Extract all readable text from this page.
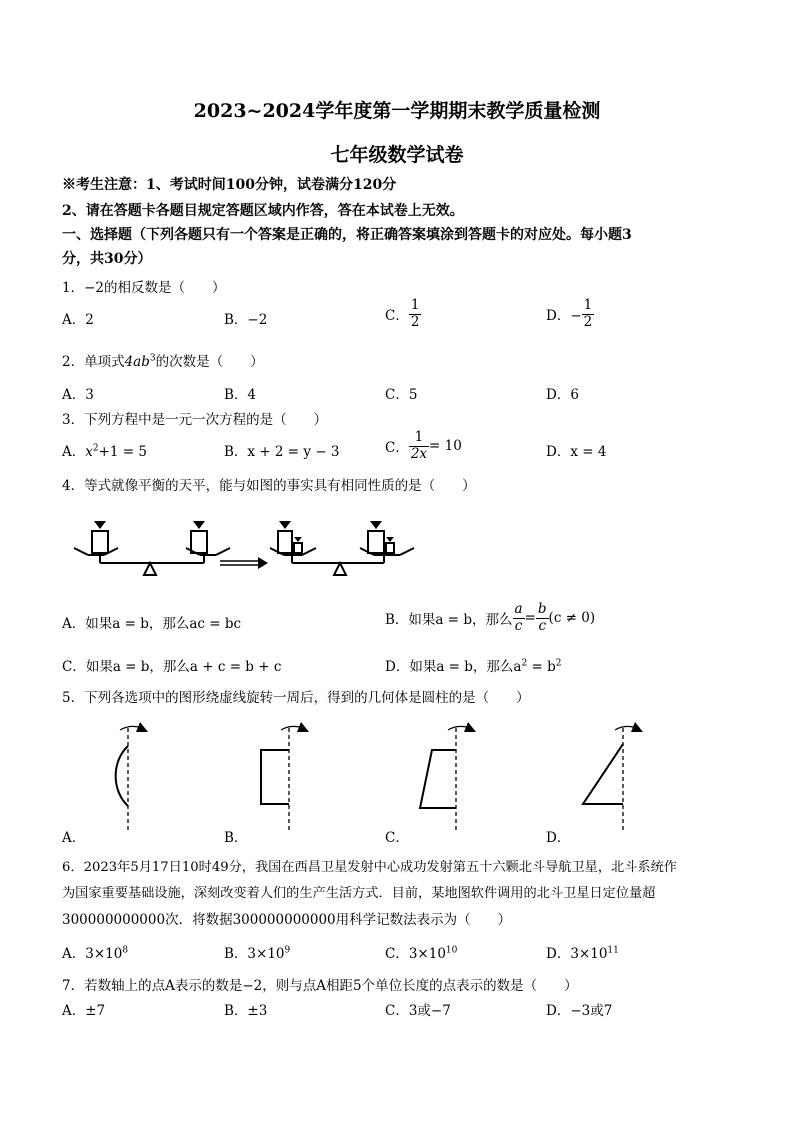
2023~2024学年度第一学期期末教学质量检测
七年级数学试卷
※考生注意：1、考试时间100分钟，试卷满分120分
2、请在答题卡各题目规定答题区域内作答，答在本试卷上无效。
一、选择题（下列各题只有一个答案是正确的，将正确答案填涂到答题卡的对应处。每小题3
分，共30分）
1．−2的相反数是（　　）
A．2	B．−2	C． $\frac{1}{2}$	D．− $\frac{1}{2}$
2．单项式$4ab^3$的次数是（　　）
A．3	B．4	C．5	D．6
3．下列方程中是一元一次方程的是（　　）
A．$x^2+1 = 5$	B．x + 2 = y − 3	C． $\frac{1}{2x} = 10$	D．x = 4
4．等式就像平衡的天平，能与如图的事实具有相同性质的是（　　）
A．如果a = b，那么ac = bc	B．如果a = b，那么 $\frac{a}{c} = \frac{b}{c} (c \ne 0)$
C．如果a = b，那么a + c = b + c	D．如果a = b，那么$a^2 = b^2$
5．下列各选项中的图形绕虚线旋转一周后，得到的几何体是圆柱的是（　　）
A．	B．	C．	D．
6．2023年5月17日10时49分，我国在西昌卫星发射中心成功发射第五十六颗北斗导航卫星，北斗系统作
为国家重要基础设施，深刻改变着人们的生产生活方式．目前，某地图软件调用的北斗卫星日定位量超
300000000000次．将数据300000000000用科学记数法表示为（　　）
A．$3\times 10^8$	B．$3\times 10^9$	C．$3\times 10^{10}$	D．$3\times 10^{11}$
7．若数轴上的点A表示的数是−2，则与点A相距5个单位长度的点表示的数是（　　）
A．±7	B．±3	C．3或−7	D．−3或7
